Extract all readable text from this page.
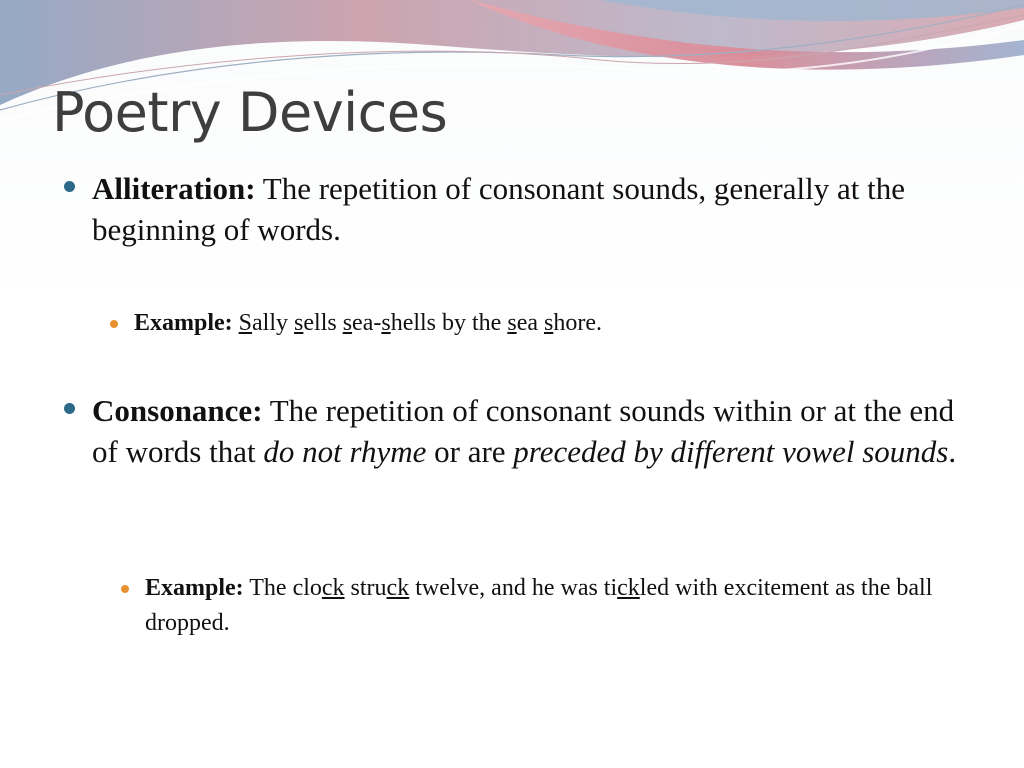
Poetry Devices
Alliteration: The repetition of consonant sounds, generally at the beginning of words.
Example: Sally sells sea-shells by the sea shore.
Consonance: The repetition of consonant sounds within or at the end of words that do not rhyme or are preceded by different vowel sounds.
Example: The clock struck twelve, and he was tickled with excitement as the ball dropped.
